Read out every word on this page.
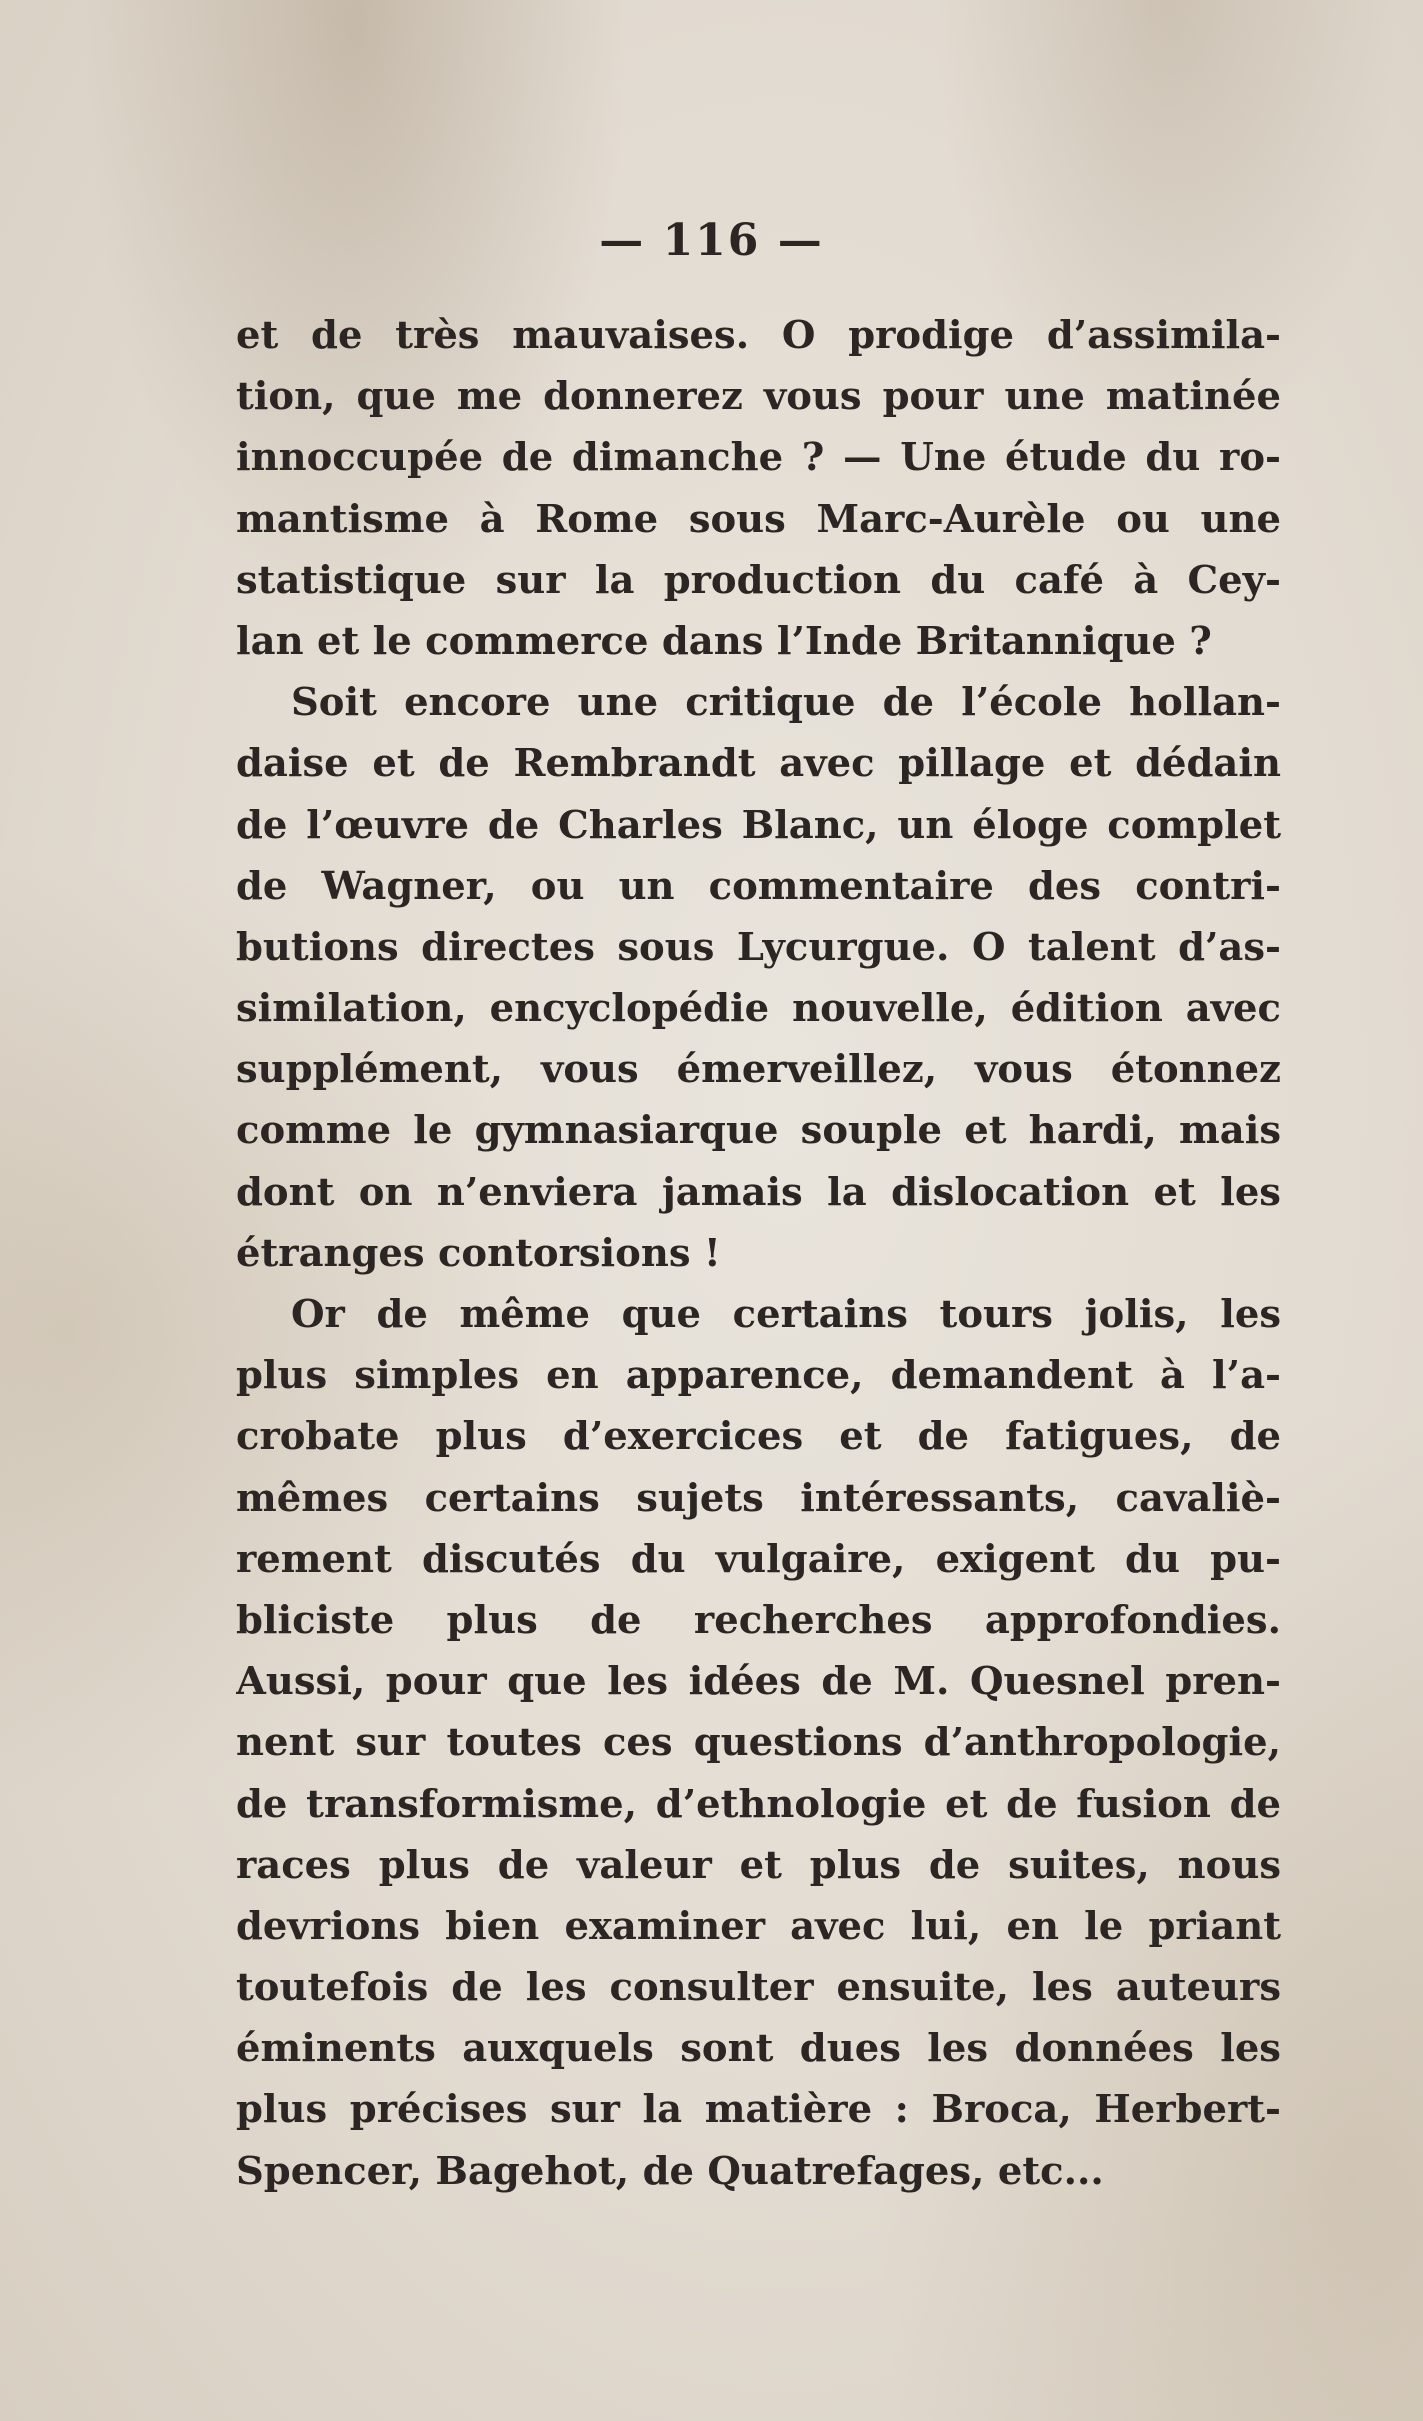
— 116 —
et de très mauvaises. O prodige d’assimila-
tion, que me donnerez vous pour une matinée
innoccupée de dimanche ? — Une étude du ro-
mantisme à Rome sous Marc-Aurèle ou une
statistique sur la production du café à Cey-
lan et le commerce dans l’Inde Britannique ?
Soit encore une critique de l’école hollan-
daise et de Rembrandt avec pillage et dédain
de l’œuvre de Charles Blanc, un éloge complet
de Wagner, ou un commentaire des contri-
butions directes sous Lycurgue. O talent d’as-
similation, encyclopédie nouvelle, édition avec
supplément, vous émerveillez, vous étonnez
comme le gymnasiarque souple et hardi, mais
dont on n’enviera jamais la dislocation et les
étranges contorsions !
Or de même que certains tours jolis, les
plus simples en apparence, demandent à l’a-
crobate plus d’exercices et de fatigues, de
mêmes certains sujets intéressants, cavaliè-
rement discutés du vulgaire, exigent du pu-
bliciste plus de recherches approfondies.
Aussi, pour que les idées de M. Quesnel pren-
nent sur toutes ces questions d’anthropologie,
de transformisme, d’ethnologie et de fusion de
races plus de valeur et plus de suites, nous
devrions bien examiner avec lui, en le priant
toutefois de les consulter ensuite, les auteurs
éminents auxquels sont dues les données les
plus précises sur la matière : Broca, Herbert-
Spencer, Bagehot, de Quatrefages, etc...
